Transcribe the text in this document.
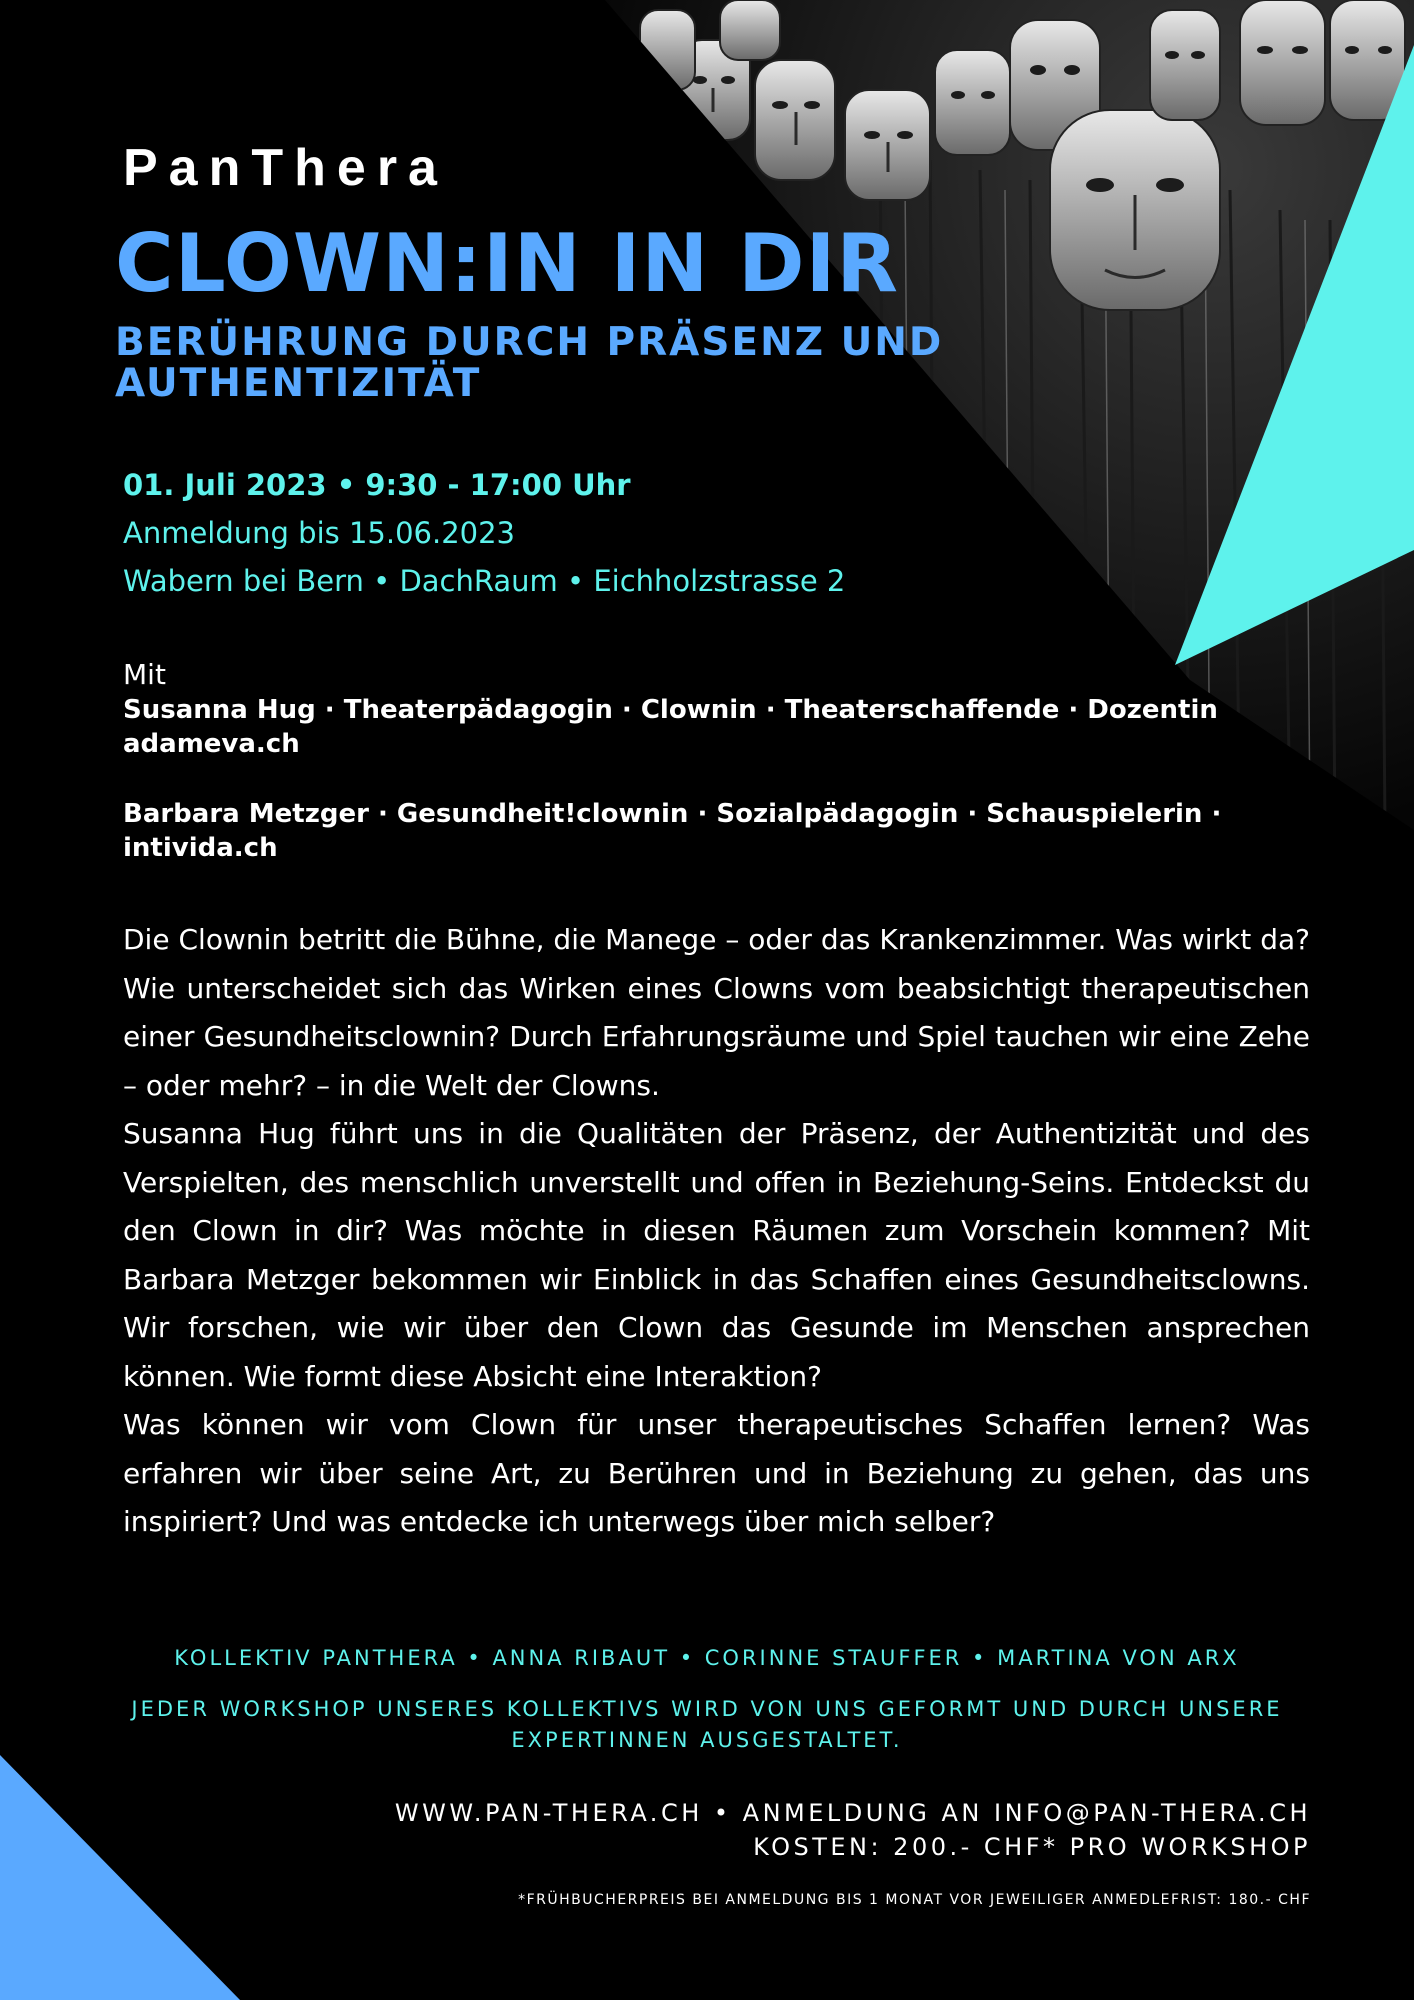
PanThera
CLOWN:IN IN DIR
BERÜHRUNG DURCH PRÄSENZ UND AUTHENTIZITÄT
01. Juli 2023 • 9:30 - 17:00 Uhr
Anmeldung bis 15.06.2023
Wabern bei Bern • DachRaum • Eichholzstrasse 2
Mit
Susanna Hug · Theaterpädagogin · Clownin · Theaterschaffende · Dozentin
adameva.ch
Barbara Metzger · Gesundheit!clownin · Sozialpädagogin · Schauspielerin ·
intivida.ch

Die Clownin betritt die Bühne, die Manege – oder das Krankenzimmer. Was wirkt da? Wie unterscheidet sich das Wirken eines Clowns vom beabsichtigt therapeutischen einer Gesundheitsclownin? Durch Erfahrungsräume und Spiel tauchen wir eine Zehe – oder mehr? – in die Welt der Clowns.

Susanna Hug führt uns in die Qualitäten der Präsenz, der Authentizität und des Verspielten, des menschlich unverstellt und offen in Beziehung-Seins. Entdeckst du den Clown in dir? Was möchte in diesen Räumen zum Vorschein kommen? Mit Barbara Metzger bekommen wir Einblick in das Schaffen eines Gesundheitsclowns. Wir forschen, wie wir über den Clown das Gesunde im Menschen ansprechen können. Wie formt diese Absicht eine Interaktion?

Was können wir vom Clown für unser therapeutisches Schaffen lernen? Was erfahren wir über seine Art, zu Berühren und in Beziehung zu gehen, das uns inspiriert? Und was entdecke ich unterwegs über mich selber?

KOLLEKTIV PANTHERA • ANNA RIBAUT • CORINNE STAUFFER • MARTINA VON ARX

JEDER WORKSHOP UNSERES KOLLEKTIVS WIRD VON UNS GEFORMT UND DURCH UNSERE EXPERTINNEN AUSGESTALTET.

WWW.PAN-THERA.CH • ANMELDUNG AN INFO@PAN-THERA.CH
KOSTEN: 200.- CHF* PRO WORKSHOP

*FRÜHBUCHERPREIS BEI ANMELDUNG BIS 1 MONAT VOR JEWEILIGER ANMEDLEFRIST: 180.- CHF
